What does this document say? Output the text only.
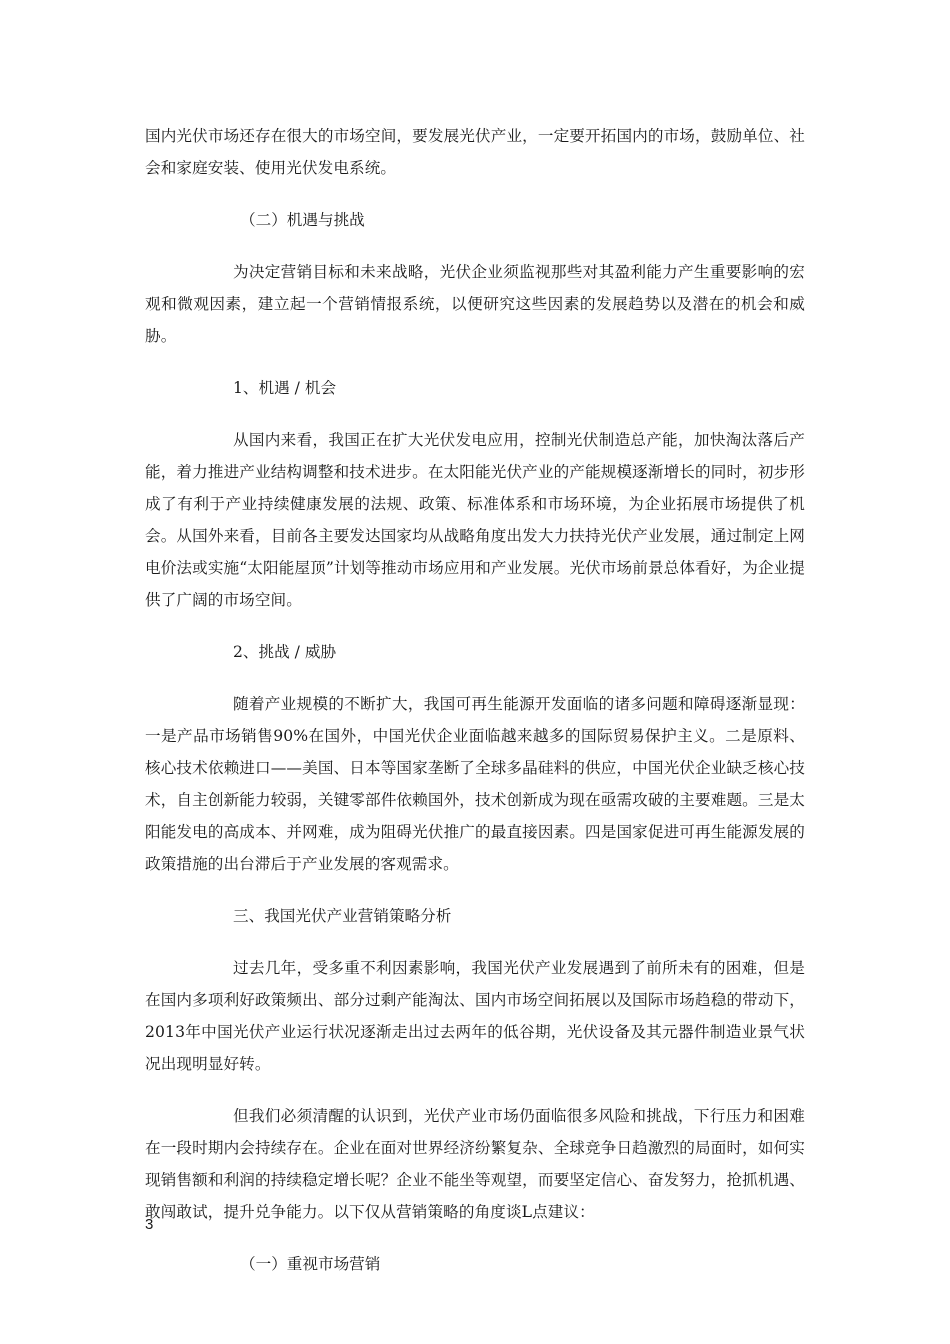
国内光伏市场还存在很大的市场空间，要发展光伏产业，一定要开拓国内的市场，鼓励单位、社会和家庭安装、使用光伏发电系统。

（二）机遇与挑战

为决定营销目标和未来战略，光伏企业须监视那些对其盈利能力产生重要影响的宏观和微观因素，建立起一个营销情报系统，以便研究这些因素的发展趋势以及潜在的机会和威胁。

1、机遇 / 机会

从国内来看，我国正在扩大光伏发电应用，控制光伏制造总产能，加快淘汰落后产能，着力推进产业结构调整和技术进步。在太阳能光伏产业的产能规模逐渐增长的同时，初步形成了有利于产业持续健康发展的法规、政策、标准体系和市场环境，为企业拓展市场提供了机会。从国外来看，目前各主要发达国家均从战略角度出发大力扶持光伏产业发展，通过制定上网电价法或实施“太阳能屋顶”计划等推动市场应用和产业发展。光伏市场前景总体看好，为企业提供了广阔的市场空间。

2、挑战 / 威胁

随着产业规模的不断扩大，我国可再生能源开发面临的诸多问题和障碍逐渐显现：一是产品市场销售90%在国外，中国光伏企业面临越来越多的国际贸易保护主义。二是原料、核心技术依赖进口——美国、日本等国家垄断了全球多晶硅料的供应，中国光伏企业缺乏核心技术，自主创新能力较弱，关键零部件依赖国外，技术创新成为现在亟需攻破的主要难题。三是太阳能发电的高成本、并网难，成为阻碍光伏推广的最直接因素。四是国家促进可再生能源发展的政策措施的出台滞后于产业发展的客观需求。

三、我国光伏产业营销策略分析

过去几年，受多重不利因素影响，我国光伏产业发展遇到了前所未有的困难，但是在国内多项利好政策频出、部分过剩产能淘汰、国内市场空间拓展以及国际市场趋稳的带动下，2013年中国光伏产业运行状况逐渐走出过去两年的低谷期，光伏设备及其元器件制造业景气状况出现明显好转。

但我们必须清醒的认识到，光伏产业市场仍面临很多风险和挑战，下行压力和困难在一段时期内会持续存在。企业在面对世界经济纷繁复杂、全球竞争日趋激烈的局面时，如何实现销售额和利润的持续稳定增长呢？企业不能坐等观望，而要坚定信心、奋发努力，抢抓机遇、敢闯敢试，提升兑争能力。以下仅从营销策略的角度谈L点建议：

（一）重视市场营销
3
